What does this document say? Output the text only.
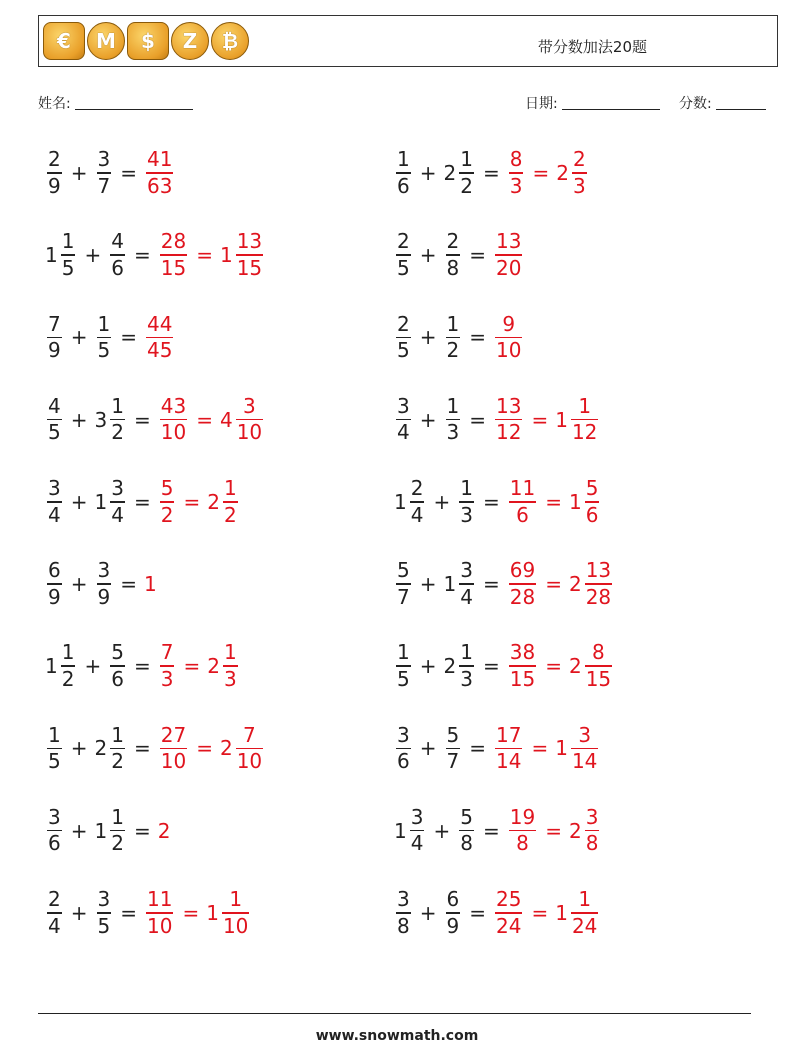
€	M	$	Z	₿	带分数加法20题
姓名:	日期:	分数:
$\frac{2}{9} + \frac{3}{7} = \frac{41}{63}$	$\frac{1}{6} + 2 \frac{1}{2} = \frac{8}{3} = 2 \frac{2}{3}$
$1 \frac{1}{5} + \frac{4}{6} = \frac{28}{15} = 1 \frac{13}{15}$	$\frac{2}{5} + \frac{2}{8} = \frac{13}{20}$
$\frac{7}{9} + \frac{1}{5} = \frac{44}{45}$	$\frac{2}{5} + \frac{1}{2} = \frac{9}{10}$
$\frac{4}{5} + 3 \frac{1}{2} = \frac{43}{10} = 4 \frac{3}{10}$	$\frac{3}{4} + \frac{1}{3} = \frac{13}{12} = 1 \frac{1}{12}$
$\frac{3}{4} + 1 \frac{3}{4} = \frac{5}{2} = 2 \frac{1}{2}$	$1 \frac{2}{4} + \frac{1}{3} = \frac{11}{6} = 1 \frac{5}{6}$
$\frac{6}{9} + \frac{3}{9} = 1$	$\frac{5}{7} + 1 \frac{3}{4} = \frac{69}{28} = 2 \frac{13}{28}$
$1 \frac{1}{2} + \frac{5}{6} = \frac{7}{3} = 2 \frac{1}{3}$	$\frac{1}{5} + 2 \frac{1}{3} = \frac{38}{15} = 2 \frac{8}{15}$
$\frac{1}{5} + 2 \frac{1}{2} = \frac{27}{10} = 2 \frac{7}{10}$	$\frac{3}{6} + \frac{5}{7} = \frac{17}{14} = 1 \frac{3}{14}$
$\frac{3}{6} + 1 \frac{1}{2} = 2$	$1 \frac{3}{4} + \frac{5}{8} = \frac{19}{8} = 2 \frac{3}{8}$
$\frac{2}{4} + \frac{3}{5} = \frac{11}{10} = 1 \frac{1}{10}$	$\frac{3}{8} + \frac{6}{9} = \frac{25}{24} = 1 \frac{1}{24}$
www.snowmath.com
